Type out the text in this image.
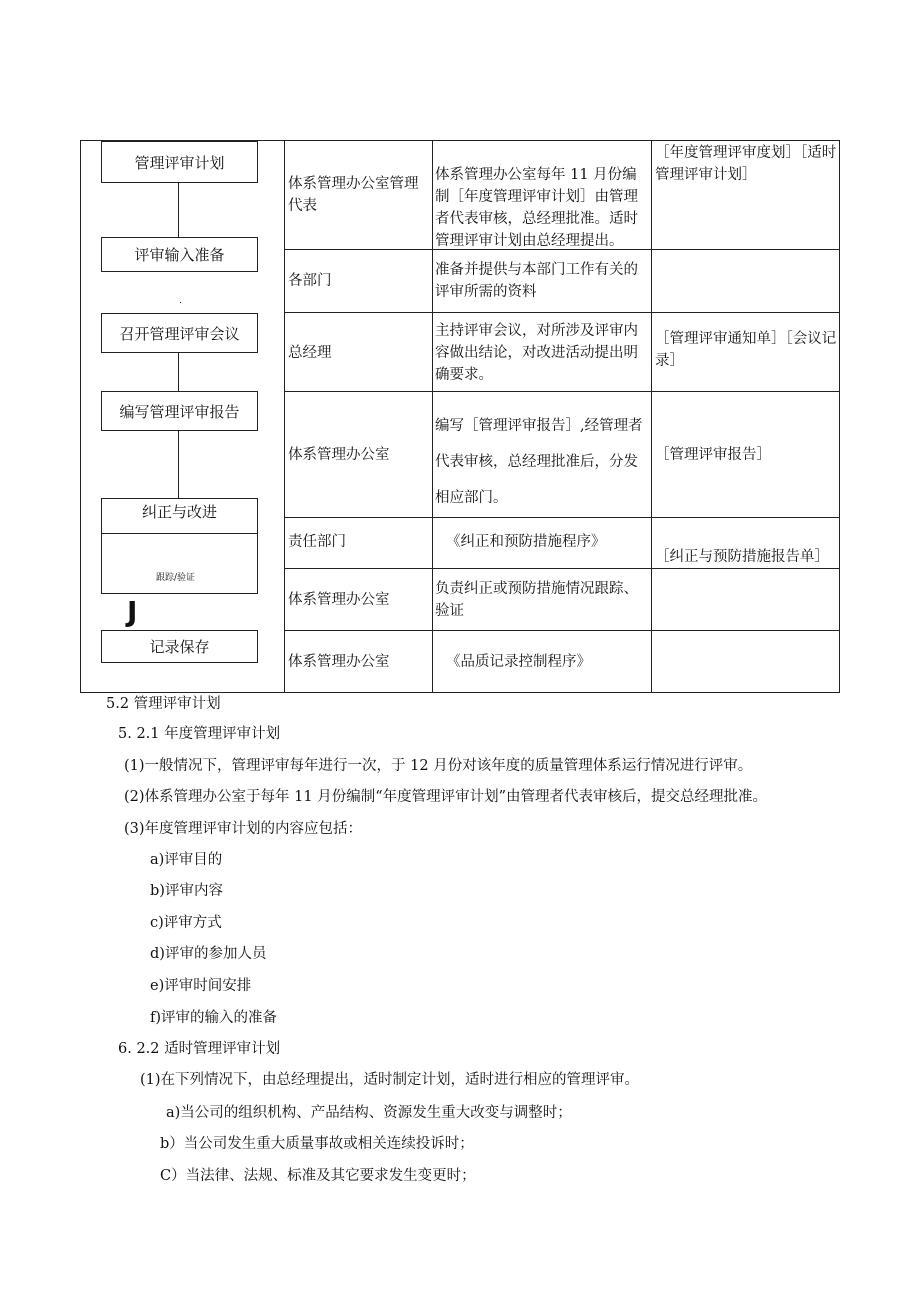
管理评审计划
评审输入准备
.
召开管理评审会议
编写管理评审报告
纠正与改进
跟踪/验证
J
记录保存
体系管理办公室管理代表
体系管理办公室每年 11 月份编制［年度管理评审计划］由管理者代表审核，总经理批准。适时管理评审计划由总经理提出。
［年度管理评审度划］［适时管理评审计划］
各部门
准备并提供与本部门工作有关的评审所需的资料
总经理
主持评审会议，对所涉及评审内容做出结论，对改进活动提出明确要求。
［管理评审通知单］［会议记录］
体系管理办公室
编写［管理评审报告］,经管理者代表审核，总经理批准后，分发相应部门。
［管理评审报告］
责任部门	《纠正和预防措施程序》
［纠正与预防措施报告单］
体系管理办公室
负责纠正或预防措施情况跟踪、验证
体系管理办公室	《品质记录控制程序》
5.2 管理评审计划
5. 2.1 年度管理评审计划
(1)一般情况下，管理评审每年进行一次，于 12 月份对该年度的质量管理体系运行情况进行评审。
(2)体系管理办公室于每年 11 月份编制“年度管理评审计划”由管理者代表审核后，提交总经理批准。
(3)年度管理评审计划的内容应包括：
a)评审目的
b)评审内容
c)评审方式
d)评审的参加人员
e)评审时间安排
f)评审的输入的准备
6. 2.2 适时管理评审计划
(1)在下列情况下，由总经理提出，适时制定计划，适时进行相应的管理评审。
a)当公司的组织机构、产品结构、资源发生重大改变与调整时；
b）当公司发生重大质量事故或相关连续投诉时；
C）当法律、法规、标准及其它要求发生变更时；
